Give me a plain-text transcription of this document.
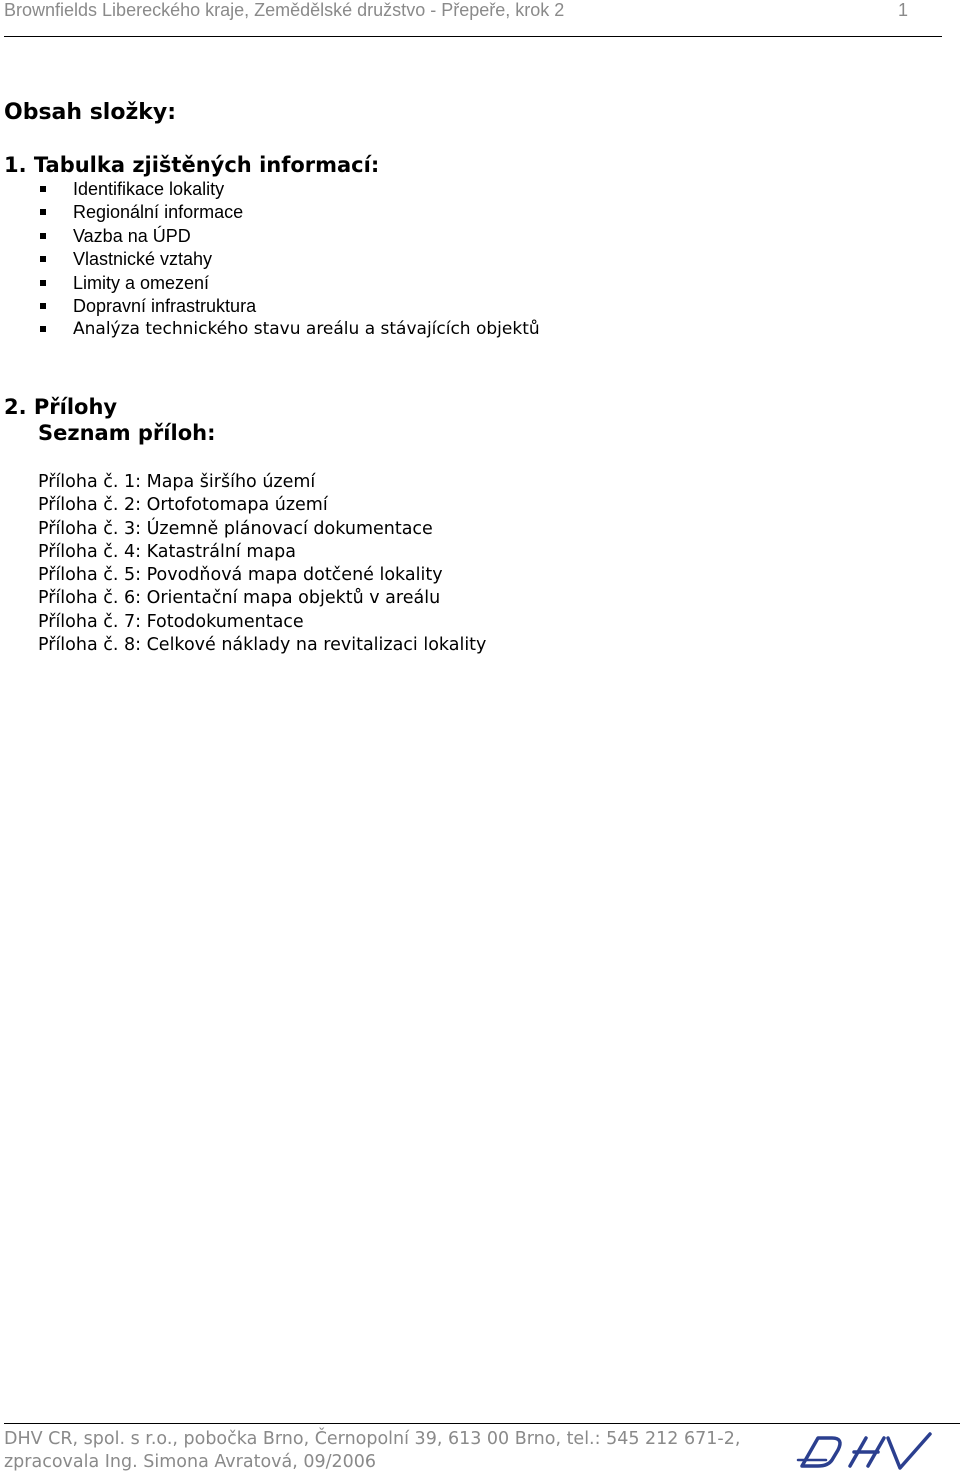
Brownfields Libereckého kraje, Zemědělské družstvo - Přepeře, krok 2	1
Obsah složky:
1. Tabulka zjištěných informací:
Identifikace lokality
Regionální informace
Vazba na ÚPD
Vlastnické vztahy
Limity a omezení
Dopravní infrastruktura
Analýza technického stavu areálu a stávajících objektů
2. Přílohy
Seznam příloh:
Příloha č. 1: Mapa širšího území
Příloha č. 2: Ortofotomapa území
Příloha č. 3: Územně plánovací dokumentace
Příloha č. 4: Katastrální mapa
Příloha č. 5: Povodňová mapa dotčené lokality
Příloha č. 6: Orientační mapa objektů v areálu
Příloha č. 7: Fotodokumentace
Příloha č. 8: Celkové náklady na revitalizaci lokality
DHV CR, spol. s r.o., pobočka Brno, Černopolní 39, 613 00 Brno, tel.: 545 212 671-2,
zpracovala Ing. Simona Avratová, 09/2006
